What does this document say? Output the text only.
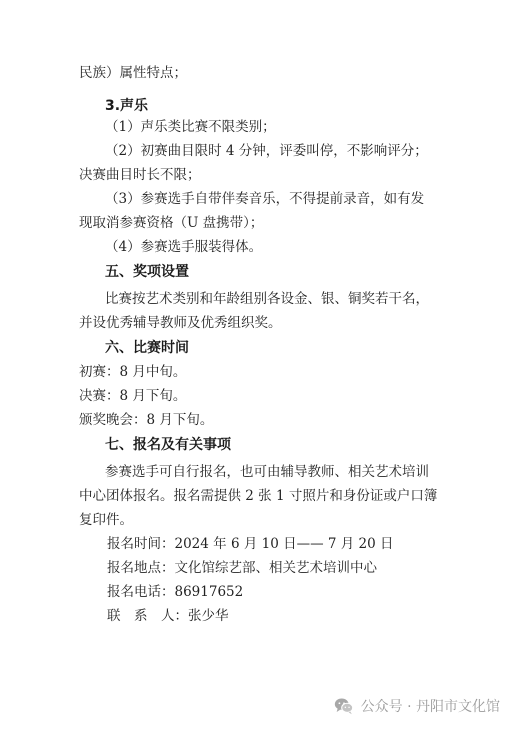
民族）属性特点；
3.声乐
（1）声乐类比赛不限类别；
（2）初赛曲目限时 4 分钟，评委叫停，不影响评分；
决赛曲目时长不限；
（3）参赛选手自带伴奏音乐，不得提前录音，如有发
现取消参赛资格（U 盘携带）；
（4）参赛选手服装得体。
五、奖项设置
比赛按艺术类别和年龄组别各设金、银、铜奖若干名，
并设优秀辅导教师及优秀组织奖。
六、比赛时间
初赛：8 月中旬。
决赛：8 月下旬。
颁奖晚会：8 月下旬。
七、报名及有关事项
参赛选手可自行报名，也可由辅导教师、相关艺术培训
中心团体报名。报名需提供 2 张 1 寸照片和身份证或户口簿
复印件。
报名时间：2024 年 6 月 10 日—— 7 月 20 日
报名地点：文化馆综艺部、相关艺术培训中心
报名电话：86917652
联　系　人：张少华
公众号 · 丹阳市文化馆
